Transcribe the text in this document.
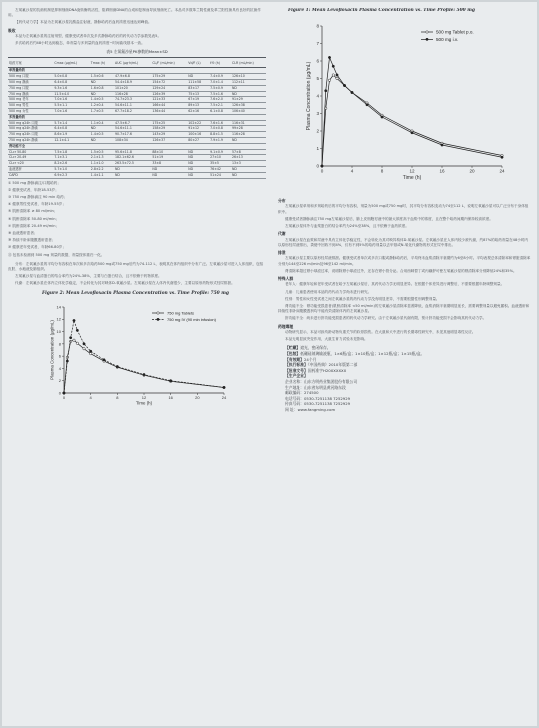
左氧氟沙星的抗菌机制是抑制细菌DNA旋转酶的活性，阻碍细菌DNA的合成和复制而导致细菌死亡。本品对多数革兰阴性菌及革兰阳性菌具有良好的抗菌作用。

【药代动力学】本品为左氧氟沙星乳酸盐注射液，静脉给药后血药浓度迅速达到峰值。

吸收

本品为左氧氟沙星的注射剂型，健康受试者单次及多次静脉给药后的药代动力学参数见表5。

多次给药后约48小时达到稳态，单剂量与多剂量的血药浓度−时间曲线基本一致。

表5 左氧氟沙星PK参数的Mean±SD
给药方案	Cmax (μg/mL)	Tmax (h)	AUC (μg·h/mL)	CL/F (mL/min)	Vd/F (L)	t½ (h)	CLR (mL/min)
单剂量给药							
500 mg 口服	5.0±0.8	1.5±0.6	47.9±6.8	175±29	ND	7.4±0.9	126±10
500 mg 静滴	6.4±0.8	ND	54.4±18.9	154±72	111±58	7.0±1.4	112±11
750 mg 口服	9.3±1.6	1.6±0.8	101±20	129±24	83±17	7.5±0.9	ND
750 mg 静滴	11.5±4.0	ND	116±28	126±39	75±13	7.5±1.6	ND
500 mg 老年	7.0±1.6	1.4±0.5	74.7±23.3	121±33	67±19	7.6±2.0	91±29
500 mg 男性	5.5±1.1	1.2±0.4	54.6±11.1	166±44	89±13	7.5±2.1	126±38
500 mg 女性	7.0±1.6	1.7±0.5	67.7±18.2	136±44	62±16	6.1±0.8	106±40
多剂量给药							
500 mg q24h 口服	5.7±1.4	1.1±0.4	47.5±6.7	175±25	102±22	7.6±1.6	116±31
500 mg q24h 静滴	6.4±0.8	ND	54.6±11.1	158±29	91±12	7.0±0.8	99±28
750 mg q24h 口服	8.6±1.9	1.4±0.5	90.7±17.6	143±29	100±16	8.8±1.5	116±28
750 mg q24h 静滴	12.1±4.1	ND	108±34	126±37	80±27	7.9±1.9	ND
肾功能不全							
CLcr 50-80	7.5±1.8	1.5±0.5	95.6±11.8	88±10	ND	9.1±0.9	57±8
CLcr 20-49	7.1±3.1	2.1±1.3	182.1±62.6	51±19	ND	27±10	26±13
CLcr <20	8.2±2.6	1.1±1.0	263.5±72.5	33±8	ND	35±5	13±3
血液透析	5.7±1.0	2.8±2.2	ND	ND	ND	76±42	ND
CAPD	6.9±2.3	1.4±1.1	ND	ND	ND	51±24	ND

① 500 mg 静脉滴注/口服给药；

② 健康受试者，年龄18-53岁；

③ 750 mg 静脉滴注 90 min 给药；

④ 健康男性受试者，年龄19-55岁；

⑤ 肌酐清除率 ≥ 80 ml/min；

⑥ 肌酐清除率 50-80 ml/min；

⑦ 肌酐清除率 20-49 ml/min；

⑧ 血液透析患者；

⑨ 持续不卧床腹膜透析患者；

⑩ 健康老年受试者，年龄66-80岁；

⑪ 包括未检测到 500 mg 剂量的数据，剂量按体重归一化。

分布：左氧氟沙星的平均分布容积在单次和多次给药500 mg或750 mg后约为74-112 L，表明其在体内组织中分布广泛。左氧氟沙星可进入人体组织，包括皮肤、水疱液及肺组织。

左氧氟沙星与血清蛋白的结合率约为24%-38%，主要与白蛋白结合，且不依赖于药物浓度。

代谢：左氧氟沙星在体内立体化学稳定，不会转化为其对映体D-氧氟沙星。左氧氟沙星在人体内代谢很少，主要以原形药物形式经尿排泄。

Figure 2: Mean Levofloxacin Plasma Concentration vs. Time Profile: 750 mg
0	4	8	12	16	20	24
0
2
4
6
8
10
12
14
Time (h)
Plasma Concentration (μg/mL)
750 mg Tablets
750 mg IV (90 min infusion)
Figure 1: Mean Levofloxacin Plasma Concentration vs. Time Profile: 500 mg
0	4	8	12	16	20	24
0
1
2
3
4
5
6
7
8
Time (h)
Plasma Concentration (μg/mL)
500 mg Tablet p.o.
500 mg i.v.
分布

左氧氟沙星单剂和多剂给药后的平均分布容积，剂量为500 mg或750 mg时，其平均分布容积变动为74至112 L，说明左氧氟沙星可以广泛分布于身体组织中。

健康受试者静脉滴注750 mg左氧氟沙星后，肺上皮细胞衬液中的最大浓度高于血浆中的浓度，且在整个给药间期内保持较高浓度。

左氧氟沙星体外与血浆蛋白的结合率约为24%至38%，且不依赖于血药浓度。

代谢

左氧氟沙星在血浆和尿液中具有立体化学稳定性，不会转化为其对映异构体D-氧氟沙星。左氧氟沙星在人体内较少被代谢，约87%的给药剂量在48小时内以原形经尿液排出，粪便中回收不到4%，仅有不到5%的给药剂量以去甲基或N-氧化代谢物的形式在尿中排出。

排泄

左氧氟沙星主要以原形经尿液排泄。健康受试者单次或多次口服或静脉给药后，平均终末血浆清除半衰期约为6至8小时。平均表观总体清除率和肾脏清除率分别为144至226 ml/min及96至142 ml/min。

肾清除率超过肾小球滤过率，说明除肾小球滤过外，还存在肾小管分泌。合用西咪替丁或丙磺舒可使左氧氟沙星的肾清除率分别降低24%和35%。

特殊人群

老年人：健康年轻和老年受试者在给予左氧氟沙星后，其药代动力学无明显差异。在根据个体差异进行调整后，不需要根据年龄调整剂量。

儿童：儿童患者使用本品的药代动力学尚未进行研究。

性别：男性和女性受试者之间左氧氟沙星的药代动力学没有明显差异，不需要根据性别调整剂量。

肾功能不全：肾功能受损患者(肌酐清除率 <50 ml/min)的左氧氟沙星清除率显著降低，血浆消除半衰期明显延长，需要调整剂量以避免蓄积。血液透析和持续性非卧床腹膜透析均不能有效清除体内的左氧氟沙星。

肝功能不全：尚未进行肝功能受损患者的药代动力学研究。由于左氧氟沙星代谢有限，预计肝功能受损不会影响其药代动力学。

药理毒理

动物研究显示，本品可致幼龄动物负重关节的软骨损伤。在大鼠和犬中进行的长期毒性研究中，未见其他明显毒性反应。

本品无明显致突变作用，大鼠生育力试验未见影响。

【贮藏】遮光，密闭保存。

【包装】低硼硅玻璃输液瓶，1×6瓶/盒；1×10瓶/盒；1×12瓶/盒；1×15瓶/盒。

【有效期】24个月

【执行标准】《中国药典》2010年版第二部

【批准文号】国药准字H20XXXXXX

【生产企业】

企业名称：山东方明药业集团股份有限公司

生产地址：山东省东明县黄河路东段

邮政编码：274500

电话号码：0530-7251138 7252929

传真号码：0530-7251138 7252929

网 址：www.fangming.com
